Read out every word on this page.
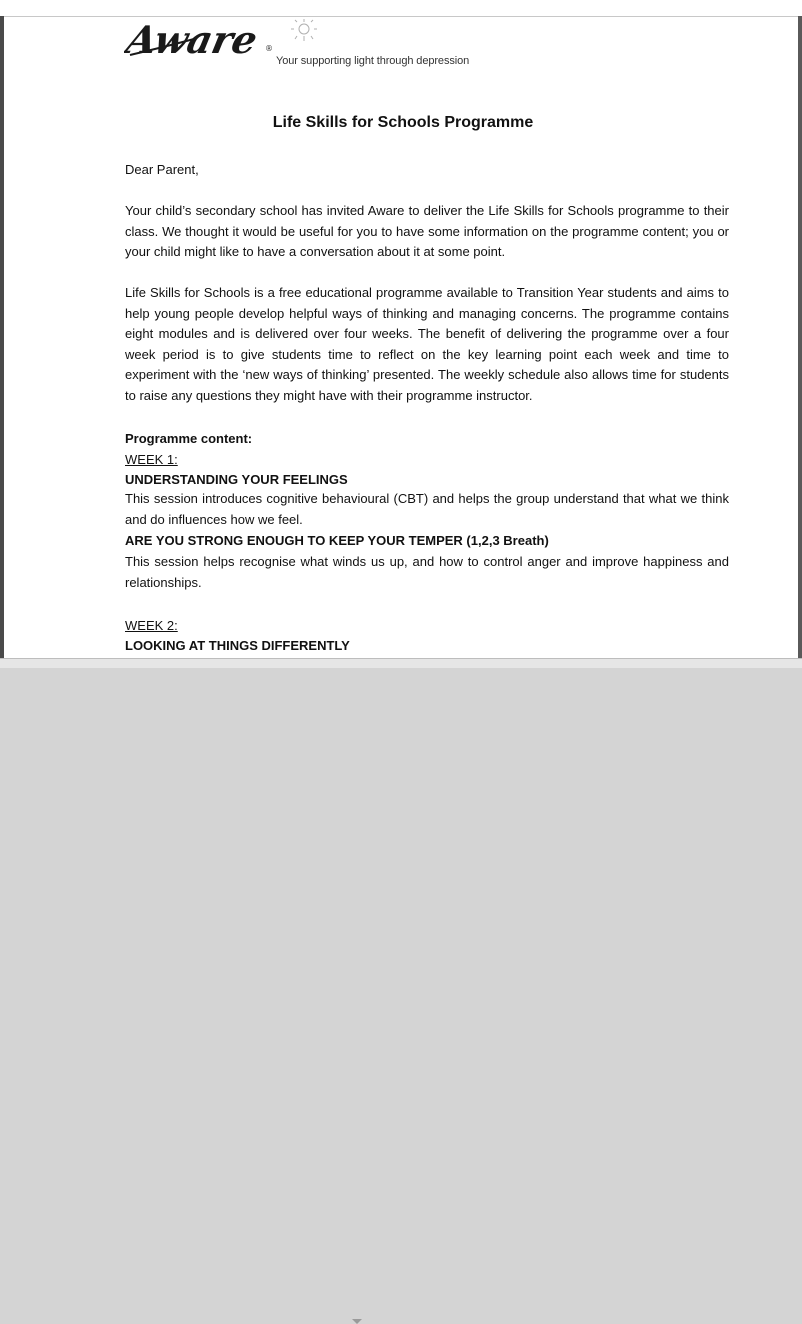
Aware ®
Your supporting light through depression
Life Skills for Schools Programme
Dear Parent,
Your child’s secondary school has invited Aware to deliver the Life Skills for Schools programme to their class. We thought it would be useful for you to have some information on the programme content; you or your child might like to have a conversation about it at some point.
Life Skills for Schools is a free educational programme available to Transition Year students and aims to help young people develop helpful ways of thinking and managing concerns. The programme contains eight modules and is delivered over four weeks. The benefit of delivering the programme over a four week period is to give students time to reflect on the key learning point each week and time to experiment with the ‘new ways of thinking’ presented. The weekly schedule also allows time for students to raise any questions they might have with their programme instructor.
Programme content:
WEEK 1:
UNDERSTANDING YOUR FEELINGS
This session introduces cognitive behavioural (CBT) and helps the group understand that what we think and do influences how we feel.
ARE YOU STRONG ENOUGH TO KEEP YOUR TEMPER (1,2,3 Breath)
This session helps recognise what winds us up, and how to control anger and improve happiness and relationships.
WEEK 2:
LOOKING AT THINGS DIFFERENTLY
